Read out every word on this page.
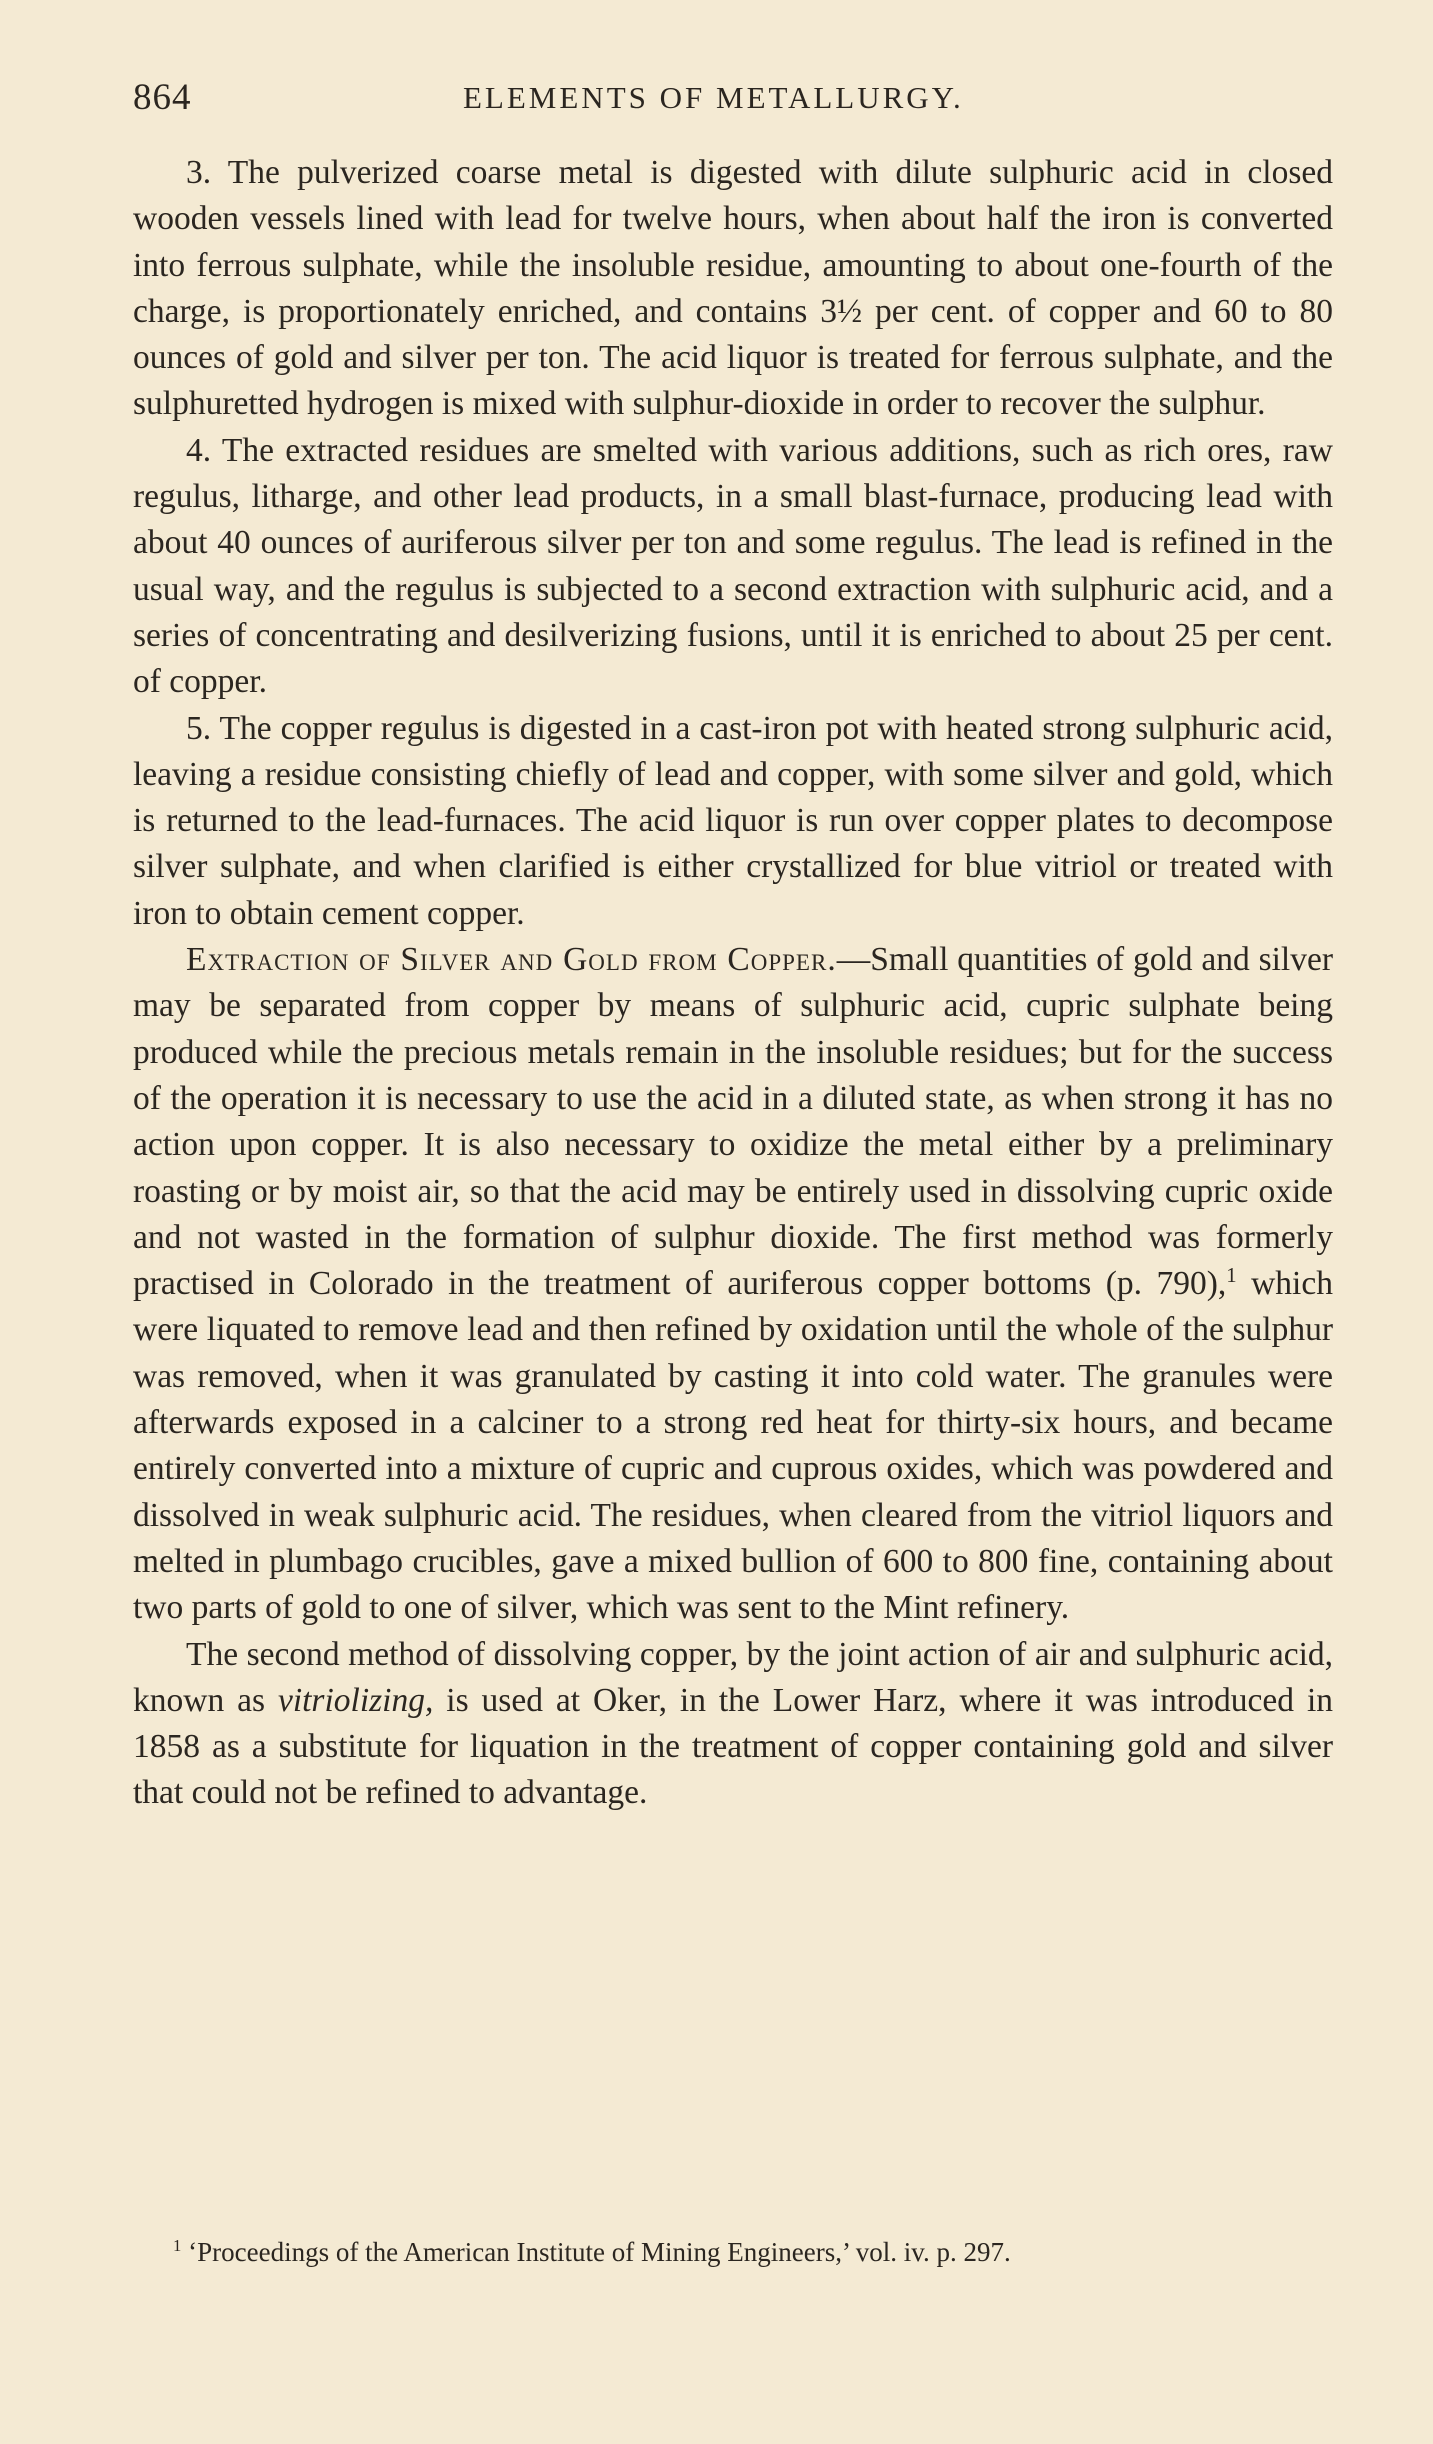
864	ELEMENTS OF METALLURGY.

3. The pulverized coarse metal is digested with dilute sulphuric acid in closed wooden vessels lined with lead for twelve hours, when about half the iron is converted into ferrous sulphate, while the insoluble residue, amounting to about one-fourth of the charge, is proportionately enriched, and contains 3½ per cent. of copper and 60 to 80 ounces of gold and silver per ton. The acid liquor is treated for ferrous sulphate, and the sulphuretted hydrogen is mixed with sulphur-dioxide in order to recover the sulphur.

4. The extracted residues are smelted with various additions, such as rich ores, raw regulus, litharge, and other lead products, in a small blast-furnace, producing lead with about 40 ounces of auriferous silver per ton and some regulus. The lead is refined in the usual way, and the regulus is subjected to a second extraction with sulphuric acid, and a series of concentrating and desilverizing fusions, until it is enriched to about 25 per cent. of copper.

5. The copper regulus is digested in a cast-iron pot with heated strong sulphuric acid, leaving a residue consisting chiefly of lead and copper, with some silver and gold, which is returned to the lead-furnaces. The acid liquor is run over copper plates to decompose silver sulphate, and when clarified is either crystallized for blue vitriol or treated with iron to obtain cement copper.

Extraction of Silver and Gold from Copper.—Small quantities of gold and silver may be separated from copper by means of sulphuric acid, cupric sulphate being produced while the precious metals remain in the insoluble residues; but for the success of the operation it is necessary to use the acid in a diluted state, as when strong it has no action upon copper. It is also necessary to oxidize the metal either by a preliminary roasting or by moist air, so that the acid may be entirely used in dissolving cupric oxide and not wasted in the formation of sulphur dioxide. The first method was formerly practised in Colorado in the treatment of auriferous copper bottoms (p. 790),$^1$ which were liquated to remove lead and then refined by oxidation until the whole of the sulphur was removed, when it was granulated by casting it into cold water. The granules were afterwards exposed in a calciner to a strong red heat for thirty-six hours, and became entirely converted into a mixture of cupric and cuprous oxides, which was powdered and dissolved in weak sulphuric acid. The residues, when cleared from the vitriol liquors and melted in plumbago crucibles, gave a mixed bullion of 600 to 800 fine, containing about two parts of gold to one of silver, which was sent to the Mint refinery.

The second method of dissolving copper, by the joint action of air and sulphuric acid, known as vitriolizing, is used at Oker, in the Lower Harz, where it was introduced in 1858 as a substitute for liquation in the treatment of copper containing gold and silver that could not be refined to advantage.

$^1$ ‘Proceedings of the American Institute of Mining Engineers,’ vol. iv. p. 297.
